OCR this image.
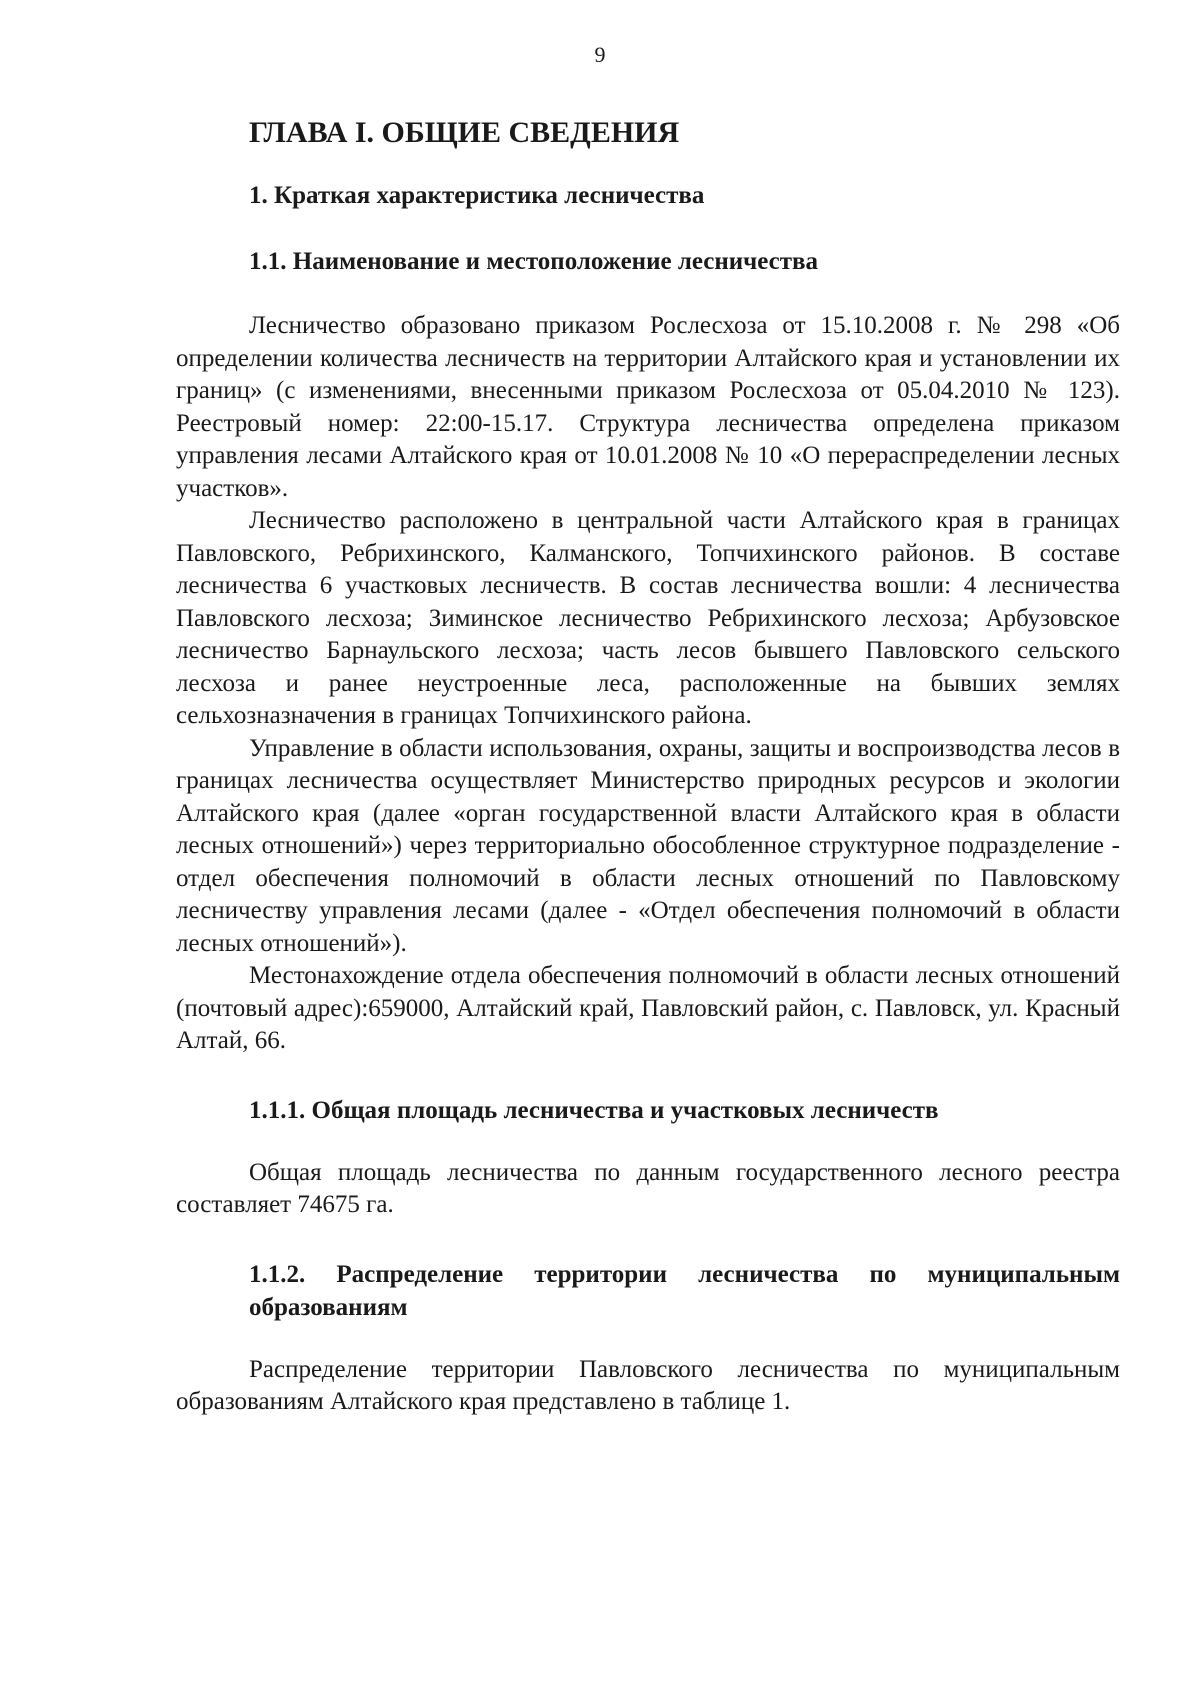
9
ГЛАВА I. ОБЩИЕ СВЕДЕНИЯ
1. Краткая характеристика лесничества
1.1. Наименование и местоположение лесничества

Лесничество образовано приказом Рослесхоза от 15.10.2008 г. № 298 «Об определении количества лесничеств на территории Алтайского края и установлении их границ» (с изменениями, внесенными приказом Рослесхоза от 05.04.2010 № 123). Реестровый номер: 22:00-15.17. Структура лесничества определена приказом управления лесами Алтайского края от 10.01.2008 № 10 «О перераспределении лесных участков».

Лесничество расположено в центральной части Алтайского края в границах Павловского, Ребрихинского, Калманского, Топчихинского районов. В составе лесничества 6 участковых лесничеств. В состав лесничества вошли: 4 лесничества Павловского лесхоза; Зиминское лесничество Ребрихинского лесхоза; Арбузовское лесничество Барнаульского лесхоза; часть лесов бывшего Павловского сельского лесхоза и ранее неустроенные леса, расположенные на бывших землях сельхозназначения в границах Топчихинского района.

Управление в области использования, охраны, защиты и воспроизводства лесов в границах лесничества осуществляет Министерство природных ресурсов и экологии Алтайского края (далее «орган государственной власти Алтайского края в области лесных отношений») через территориально обособленное структурное подразделение - отдел обеспечения полномочий в области лесных отношений по Павловскому лесничеству управления лесами (далее - «Отдел обеспечения полномочий в области лесных отношений»).

Местонахождение отдела обеспечения полномочий в области лесных отношений (почтовый адрес):659000, Алтайский край, Павловский район, с. Павловск, ул. Красный Алтай, 66.

1.1.1. Общая площадь лесничества и участковых лесничеств

Общая площадь лесничества по данным государственного лесного реестра составляет 74675 га.

1.1.2. Распределение территории лесничества по муниципальным образованиям

Распределение территории Павловского лесничества по муниципальным образованиям Алтайского края представлено в таблице 1.
